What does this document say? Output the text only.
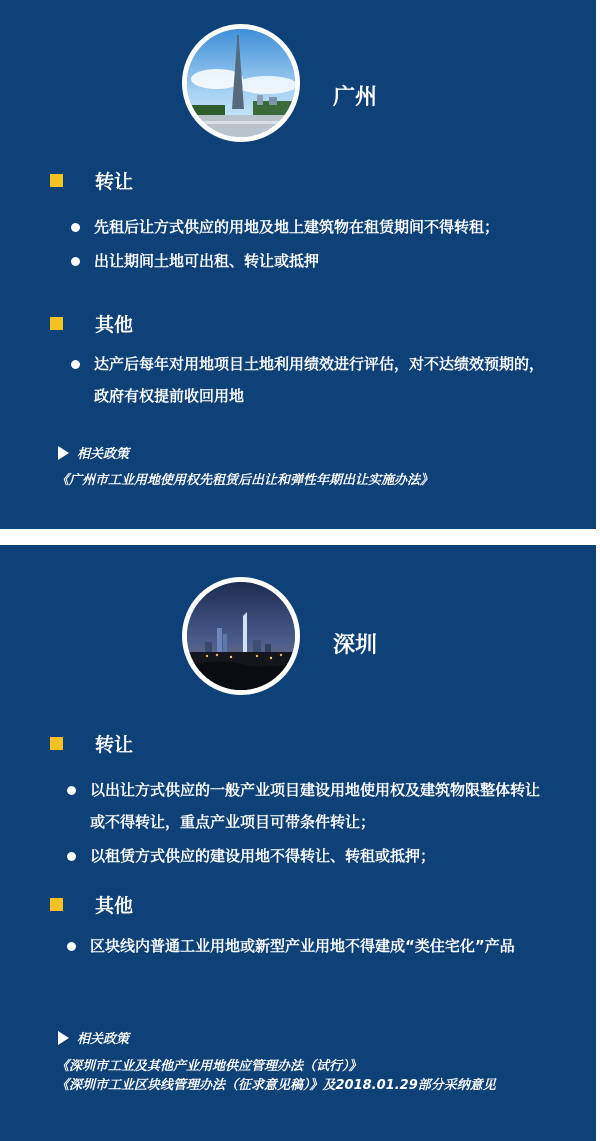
广州
转让
先租后让方式供应的用地及地上建筑物在租赁期间不得转租；
出让期间土地可出租、转让或抵押
其他
达产后每年对用地项目土地利用绩效进行评估，对不达绩效预期的，政府有权提前收回用地
相关政策
《广州市工业用地使用权先租赁后出让和弹性年期出让实施办法》
深圳
转让
以出让方式供应的一般产业项目建设用地使用权及建筑物限整体转让或不得转让，重点产业项目可带条件转让；
以租赁方式供应的建设用地不得转让、转租或抵押；
其他
区块线内普通工业用地或新型产业用地不得建成“类住宅化”产品
相关政策
《深圳市工业及其他产业用地供应管理办法（试行）》
《深圳市工业区块线管理办法（征求意见稿）》及2018.01.29部分采纳意见
